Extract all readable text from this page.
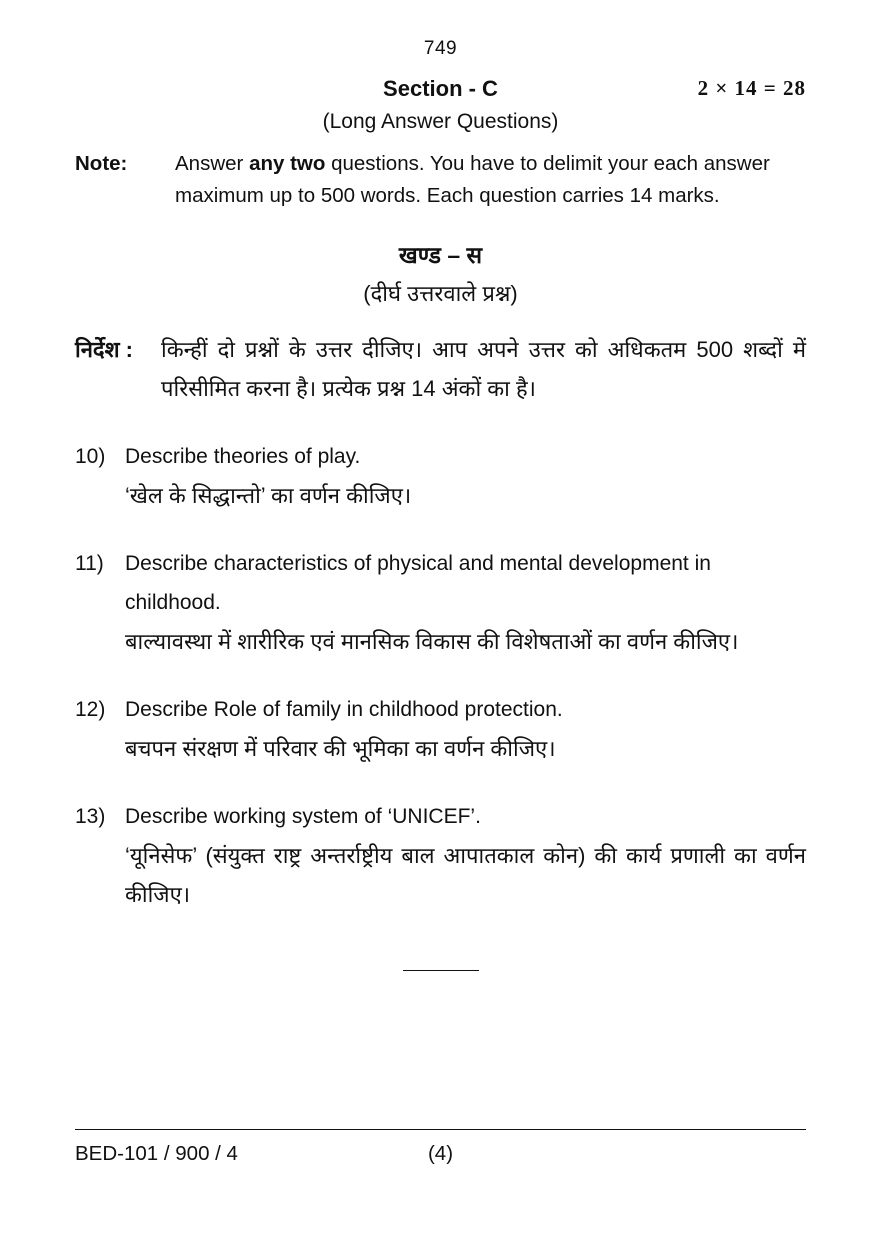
749
Section - C	2 × 14 = 28
(Long Answer Questions)
Note:	Answer any two questions. You have to delimit your each answer maximum up to 500 words. Each question carries 14 marks.

खण्ड – स
(दीर्घ उत्तरवाले प्रश्न)
निर्देश :	किन्हीं दो प्रश्नों के उत्तर दीजिए। आप अपने उत्तर को अधिकतम 500 शब्दों में परिसीमित करना है। प्रत्येक प्रश्न 14 अंकों का है।

10) Describe theories of play.

‘खेल के सिद्धान्तो’ का वर्णन कीजिए।

11)	Describe characteristics of physical and mental development in childhood.

बाल्यावस्था में शारीरिक एवं मानसिक विकास की विशेषताओं का वर्णन कीजिए।

12) Describe Role of family in childhood protection.

बचपन संरक्षण में परिवार की भूमिका का वर्णन कीजिए।

13) Describe working system of ‘UNICEF’.

‘यूनिसेफ’ (संयुक्त राष्ट्र अन्तर्राष्ट्रीय बाल आपातकाल कोन) की कार्य प्रणाली का वर्णन कीजिए।

BED-101 / 900 / 4	(4)
